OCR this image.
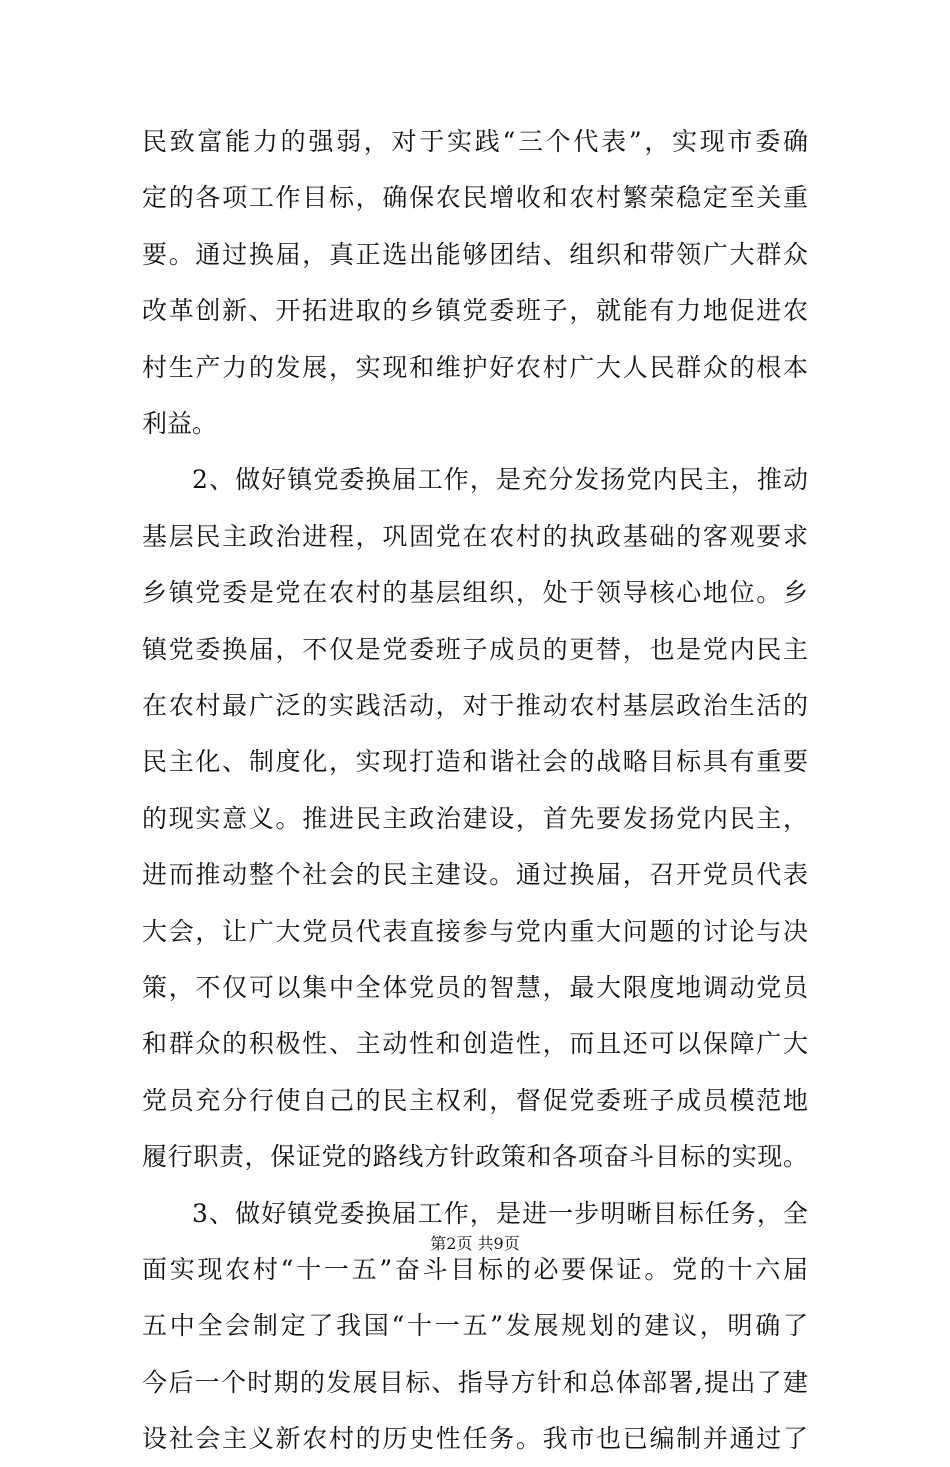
民致富能力的强弱，对于实践“三个代表”，实现市委确
定的各项工作目标，确保农民增收和农村繁荣稳定至关重
要。通过换届，真正选出能够团结、组织和带领广大群众
改革创新、开拓进取的乡镇党委班子，就能有力地促进农
村生产力的发展，实现和维护好农村广大人民群众的根本
利益。
2、做好镇党委换届工作，是充分发扬党内民主，推动
基层民主政治进程，巩固党在农村的执政基础的客观要求
乡镇党委是党在农村的基层组织，处于领导核心地位。乡
镇党委换届，不仅是党委班子成员的更替，也是党内民主
在农村最广泛的实践活动，对于推动农村基层政治生活的
民主化、制度化，实现打造和谐社会的战略目标具有重要
的现实意义。推进民主政治建设，首先要发扬党内民主，
进而推动整个社会的民主建设。通过换届，召开党员代表
大会，让广大党员代表直接参与党内重大问题的讨论与决
策，不仅可以集中全体党员的智慧，最大限度地调动党员
和群众的积极性、主动性和创造性，而且还可以保障广大
党员充分行使自己的民主权利，督促党委班子成员模范地
履行职责，保证党的路线方针政策和各项奋斗目标的实现。
3、做好镇党委换届工作，是进一步明晰目标任务，全
面实现农村“十一五”奋斗目标的必要保证。党的十六届
五中全会制定了我国“十一五”发展规划的建议，明确了
今后一个时期的发展目标、指导方针和总体部署,提出了建
设社会主义新农村的历史性任务。我市也已编制并通过了
第2页 共9页
